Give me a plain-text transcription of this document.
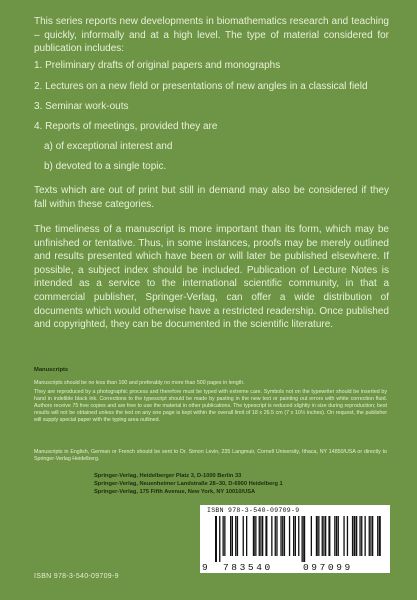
This series reports new developments in biomathematics research and teaching – quickly, informally and at a high level. The type of material considered for publication includes:
1. Preliminary drafts of original papers and monographs
2. Lectures on a new field or presentations of new angles in a classical field
3. Seminar work-outs
4. Reports of meetings, provided they are
a) of exceptional interest and
b) devoted to a single topic.
Texts which are out of print but still in demand may also be considered if they fall within these categories.
The timeliness of a manuscript is more important than its form, which may be unfinished or tentative. Thus, in some instances, proofs may be merely outlined and results presented which have been or will later be published elsewhere. If possible, a subject index should be included. Publication of Lecture Notes is intended as a service to the international scientific community, in that a commercial publisher, Springer-Verlag, can offer a wide distribution of documents which would otherwise have a restricted readership. Once published and copyrighted, they can be documented in the scientific literature.
Manuscripts
Manuscripts should be no less than 100 and preferably no more than 500 pages in length.
They are reproduced by a photographic process and therefore must be typed with extreme care. Symbols not on the typewriter should be inserted by hand in indelible black ink. Corrections to the typescript should be made by pasting in the new text or painting out errors with white correction fluid. Authors receive 75 free copies and are free to use the material in other publications. The typescript is reduced slightly in size during reproduction; best results will not be obtained unless the text on any one page is kept within the overall limit of 18 x 26.5 cm (7 x 10½ inches). On request, the publisher will supply special paper with the typing area outlined.
Manuscripts in English, German or French should be sent to Dr. Simon Levin, 235 Langmuir, Cornell University, Ithaca, NY 14850/USA or directly to Springer-Verlag Heidelberg.
Springer-Verlag, Heidelberger Platz 3, D-1000 Berlin 33
Springer-Verlag, Neuenheimer Landstraße 28–30, D-6900 Heidelberg 1
Springer-Verlag, 175 Fifth Avenue, New York, NY 10010/USA
ISBN 978-3-540-09709-9
9 783540	097099
ISBN 978-3-540-09709-9
